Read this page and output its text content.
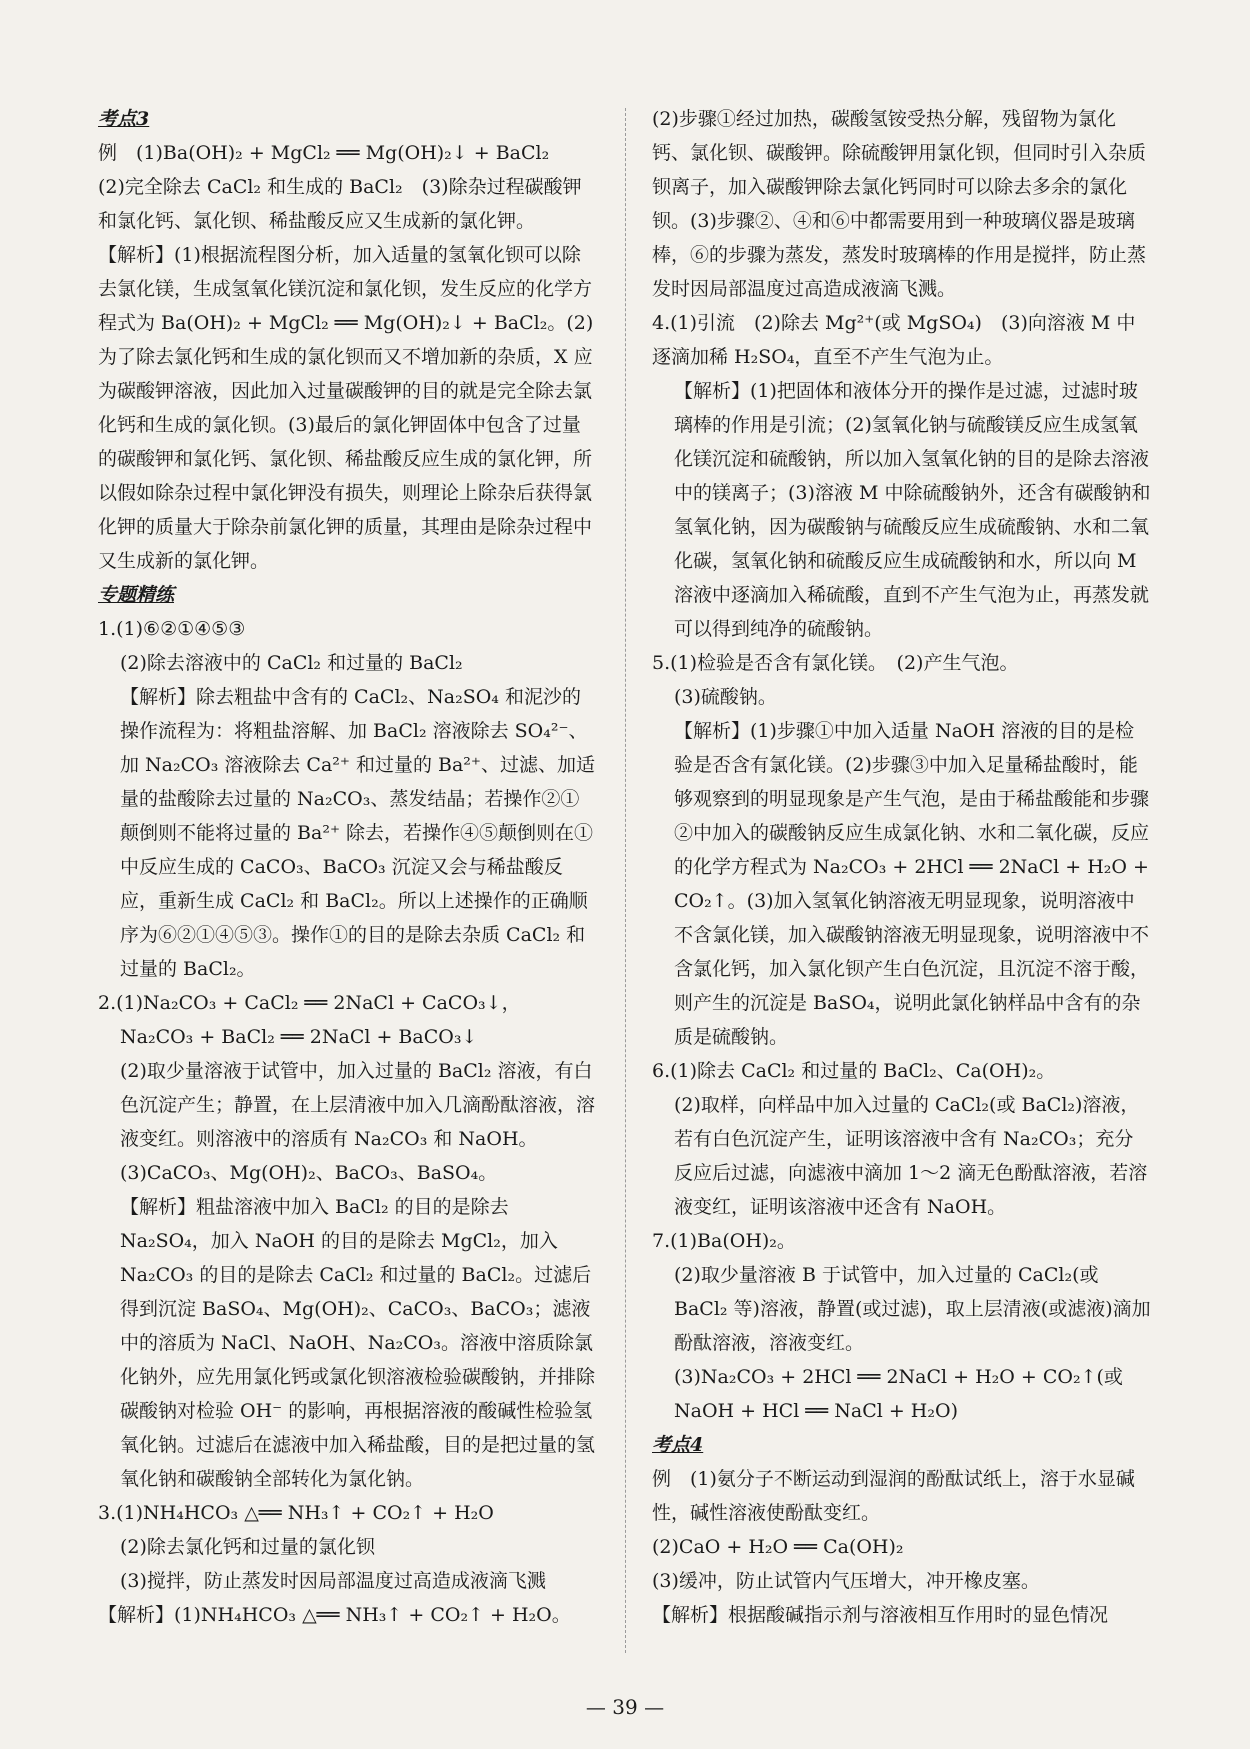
考点3

例　(1)Ba(OH)₂ + MgCl₂ ══ Mg(OH)₂↓ + BaCl₂

(2)完全除去 CaCl₂ 和生成的 BaCl₂　(3)除杂过程碳酸钾和氯化钙、氯化钡、稀盐酸反应又生成新的氯化钾。

【解析】(1)根据流程图分析，加入适量的氢氧化钡可以除去氯化镁，生成氢氧化镁沉淀和氯化钡，发生反应的化学方程式为 Ba(OH)₂ + MgCl₂ ══ Mg(OH)₂↓ + BaCl₂。(2)为了除去氯化钙和生成的氯化钡而又不增加新的杂质，X 应为碳酸钾溶液，因此加入过量碳酸钾的目的就是完全除去氯化钙和生成的氯化钡。(3)最后的氯化钾固体中包含了过量的碳酸钾和氯化钙、氯化钡、稀盐酸反应生成的氯化钾，所以假如除杂过程中氯化钾没有损失，则理论上除杂后获得氯化钾的质量大于除杂前氯化钾的质量，其理由是除杂过程中又生成新的氯化钾。

专题精练

1.(1)⑥②①④⑤③

(2)除去溶液中的 CaCl₂ 和过量的 BaCl₂

【解析】除去粗盐中含有的 CaCl₂、Na₂SO₄ 和泥沙的操作流程为：将粗盐溶解、加 BaCl₂ 溶液除去 SO₄²⁻、加 Na₂CO₃ 溶液除去 Ca²⁺ 和过量的 Ba²⁺、过滤、加适量的盐酸除去过量的 Na₂CO₃、蒸发结晶；若操作②①颠倒则不能将过量的 Ba²⁺ 除去，若操作④⑤颠倒则在①中反应生成的 CaCO₃、BaCO₃ 沉淀又会与稀盐酸反应，重新生成 CaCl₂ 和 BaCl₂。所以上述操作的正确顺序为⑥②①④⑤③。操作①的目的是除去杂质 CaCl₂ 和过量的 BaCl₂。

2.(1)Na₂CO₃ + CaCl₂ ══ 2NaCl + CaCO₃↓，

Na₂CO₃ + BaCl₂ ══ 2NaCl + BaCO₃↓

(2)取少量溶液于试管中，加入过量的 BaCl₂ 溶液，有白色沉淀产生；静置，在上层清液中加入几滴酚酞溶液，溶液变红。则溶液中的溶质有 Na₂CO₃ 和 NaOH。

(3)CaCO₃、Mg(OH)₂、BaCO₃、BaSO₄。

【解析】粗盐溶液中加入 BaCl₂ 的目的是除去 Na₂SO₄，加入 NaOH 的目的是除去 MgCl₂，加入 Na₂CO₃ 的目的是除去 CaCl₂ 和过量的 BaCl₂。过滤后得到沉淀 BaSO₄、Mg(OH)₂、CaCO₃、BaCO₃；滤液中的溶质为 NaCl、NaOH、Na₂CO₃。溶液中溶质除氯化钠外，应先用氯化钙或氯化钡溶液检验碳酸钠，并排除碳酸钠对检验 OH⁻ 的影响，再根据溶液的酸碱性检验氢氧化钠。过滤后在滤液中加入稀盐酸，目的是把过量的氢氧化钠和碳酸钠全部转化为氯化钠。

3.(1)NH₄HCO₃ △══ NH₃↑ + CO₂↑ + H₂O

(2)除去氯化钙和过量的氯化钡

(3)搅拌，防止蒸发时因局部温度过高造成液滴飞溅

【解析】(1)NH₄HCO₃ △══ NH₃↑ + CO₂↑ + H₂O。

(2)步骤①经过加热，碳酸氢铵受热分解，残留物为氯化钙、氯化钡、碳酸钾。除硫酸钾用氯化钡，但同时引入杂质钡离子，加入碳酸钾除去氯化钙同时可以除去多余的氯化钡。(3)步骤②、④和⑥中都需要用到一种玻璃仪器是玻璃棒，⑥的步骤为蒸发，蒸发时玻璃棒的作用是搅拌，防止蒸发时因局部温度过高造成液滴飞溅。

4.(1)引流　(2)除去 Mg²⁺(或 MgSO₄)　(3)向溶液 M 中逐滴加稀 H₂SO₄，直至不产生气泡为止。

【解析】(1)把固体和液体分开的操作是过滤，过滤时玻璃棒的作用是引流；(2)氢氧化钠与硫酸镁反应生成氢氧化镁沉淀和硫酸钠，所以加入氢氧化钠的目的是除去溶液中的镁离子；(3)溶液 M 中除硫酸钠外，还含有碳酸钠和氢氧化钠，因为碳酸钠与硫酸反应生成硫酸钠、水和二氧化碳，氢氧化钠和硫酸反应生成硫酸钠和水，所以向 M 溶液中逐滴加入稀硫酸，直到不产生气泡为止，再蒸发就可以得到纯净的硫酸钠。

5.(1)检验是否含有氯化镁。　(2)产生气泡。

(3)硫酸钠。

【解析】(1)步骤①中加入适量 NaOH 溶液的目的是检验是否含有氯化镁。(2)步骤③中加入足量稀盐酸时，能够观察到的明显现象是产生气泡，是由于稀盐酸能和步骤②中加入的碳酸钠反应生成氯化钠、水和二氧化碳，反应的化学方程式为 Na₂CO₃ + 2HCl ══ 2NaCl + H₂O + CO₂↑。(3)加入氢氧化钠溶液无明显现象，说明溶液中不含氯化镁，加入碳酸钠溶液无明显现象，说明溶液中不含氯化钙，加入氯化钡产生白色沉淀，且沉淀不溶于酸，则产生的沉淀是 BaSO₄，说明此氯化钠样品中含有的杂质是硫酸钠。

6.(1)除去 CaCl₂ 和过量的 BaCl₂、Ca(OH)₂。

(2)取样，向样品中加入过量的 CaCl₂(或 BaCl₂)溶液，若有白色沉淀产生，证明该溶液中含有 Na₂CO₃；充分反应后过滤，向滤液中滴加 1～2 滴无色酚酞溶液，若溶液变红，证明该溶液中还含有 NaOH。

7.(1)Ba(OH)₂。

(2)取少量溶液 B 于试管中，加入过量的 CaCl₂(或 BaCl₂ 等)溶液，静置(或过滤)，取上层清液(或滤液)滴加酚酞溶液，溶液变红。

(3)Na₂CO₃ + 2HCl ══ 2NaCl + H₂O + CO₂↑(或 NaOH + HCl ══ NaCl + H₂O)

考点4

例　(1)氨分子不断运动到湿润的酚酞试纸上，溶于水显碱性，碱性溶液使酚酞变红。

(2)CaO + H₂O ══ Ca(OH)₂

(3)缓冲，防止试管内气压增大，冲开橡皮塞。

【解析】根据酸碱指示剂与溶液相互作用时的显色情况

— 39 —
